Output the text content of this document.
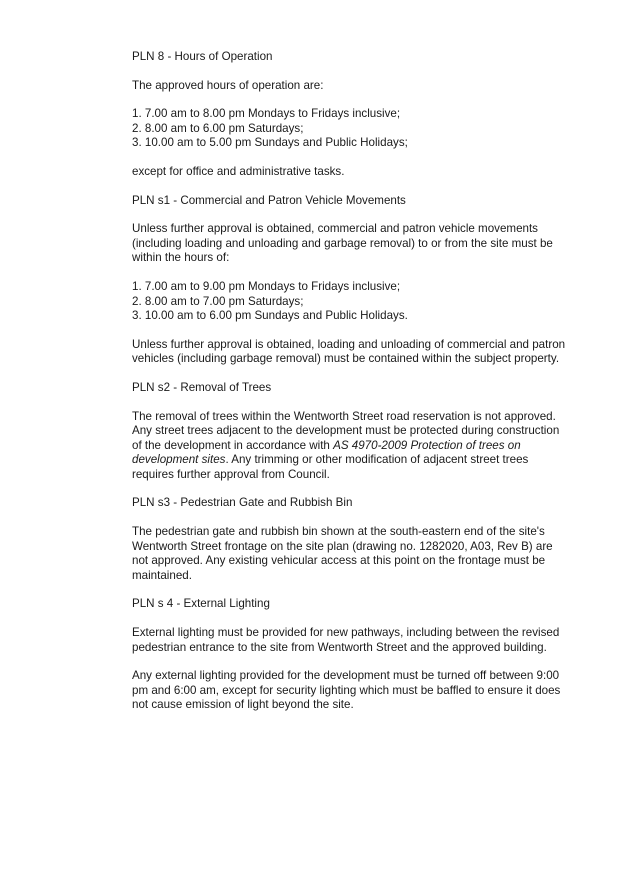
PLN 8 - Hours of Operation

The approved hours of operation are:

1. 7.00 am to 8.00 pm Mondays to Fridays inclusive;
2. 8.00 am to 6.00 pm Saturdays;
3. 10.00 am to 5.00 pm Sundays and Public Holidays;

except for office and administrative tasks.

PLN s1 - Commercial and Patron Vehicle Movements

Unless further approval is obtained, commercial and patron vehicle movements (including loading and unloading and garbage removal) to or from the site must be within the hours of:

1. 7.00 am to 9.00 pm Mondays to Fridays inclusive;
2. 8.00 am to 7.00 pm Saturdays;
3. 10.00 am to 6.00 pm Sundays and Public Holidays.

Unless further approval is obtained, loading and unloading of commercial and patron vehicles (including garbage removal) must be contained within the subject property.

PLN s2 - Removal of Trees

The removal of trees within the Wentworth Street road reservation is not approved. Any street trees adjacent to the development must be protected during construction of the development in accordance with AS 4970-2009 Protection of trees on development sites. Any trimming or other modification of adjacent street trees requires further approval from Council.

PLN s3 - Pedestrian Gate and Rubbish Bin

The pedestrian gate and rubbish bin shown at the south-eastern end of the site's Wentworth Street frontage on the site plan (drawing no. 1282020, A03, Rev B) are not approved. Any existing vehicular access at this point on the frontage must be maintained.

PLN s 4 - External Lighting

External lighting must be provided for new pathways, including between the revised pedestrian entrance to the site from Wentworth Street and the approved building.

Any external lighting provided for the development must be turned off between 9:00 pm and 6:00 am, except for security lighting which must be baffled to ensure it does not cause emission of light beyond the site.
